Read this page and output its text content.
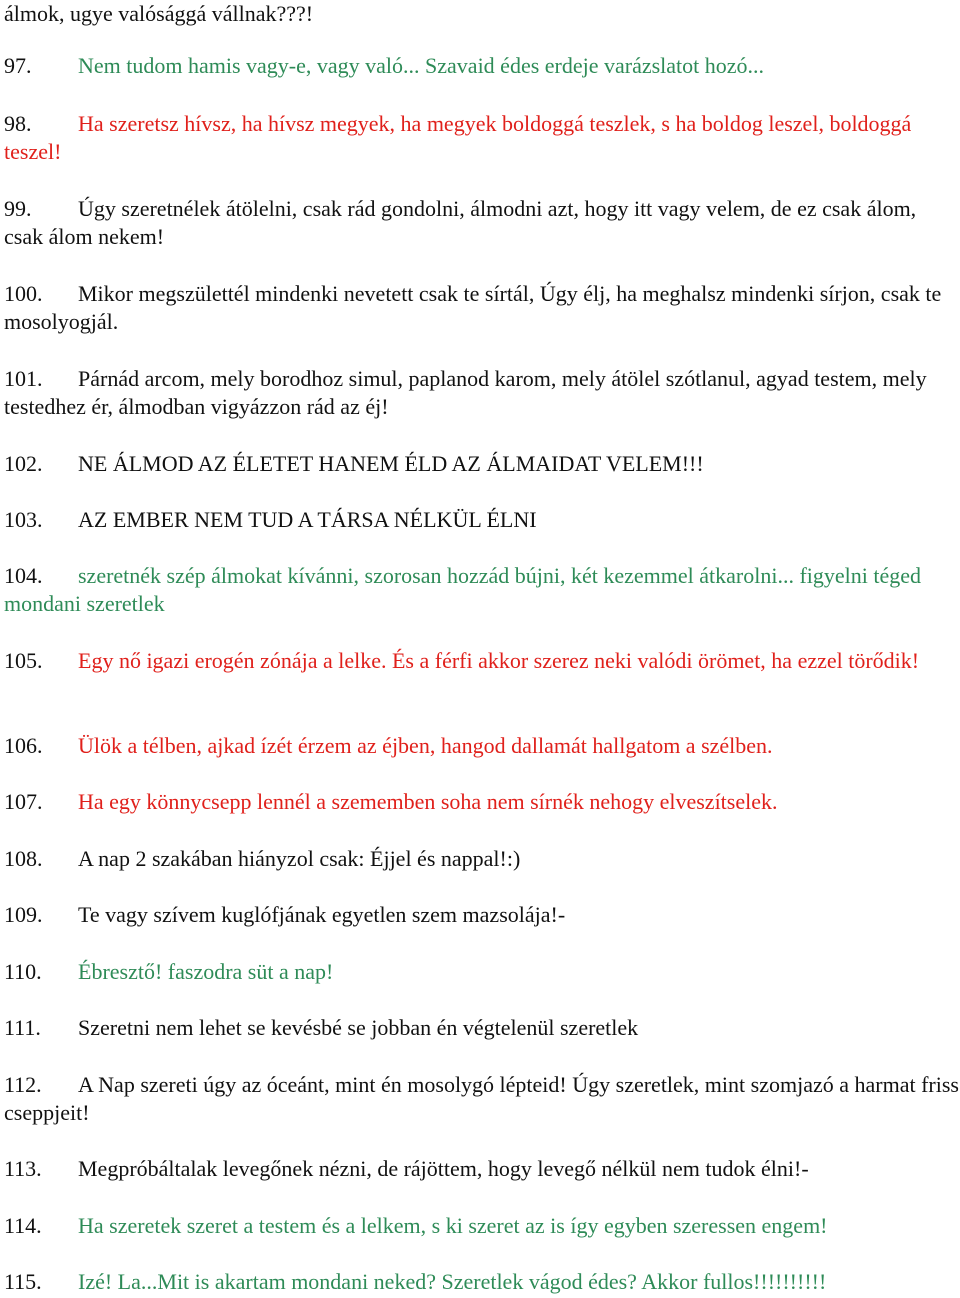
álmok, ugye valósággá vállnak???!
97. Nem tudom hamis vagy-e, vagy való... Szavaid édes erdeje varázslatot hozó...
98. Ha szeretsz hívsz, ha hívsz megyek, ha megyek boldoggá teszlek, s ha boldog leszel, boldoggá teszel!
99. Úgy szeretnélek átölelni, csak rád gondolni, álmodni azt, hogy itt vagy velem, de ez csak álom, csak álom nekem!
100. Mikor megszülettél mindenki nevetett csak te sírtál, Úgy élj, ha meghalsz mindenki sírjon, csak te mosolyogjál.
101. Párnád arcom, mely borodhoz simul, paplanod karom, mely átölel szótlanul, agyad testem, mely testedhez ér, álmodban vigyázzon rád az éj!
102. NE ÁLMOD AZ ÉLETET HANEM ÉLD AZ ÁLMAIDAT VELEM!!!
103. AZ EMBER NEM TUD A TÁRSA NÉLKÜL ÉLNI
104. szeretnék szép álmokat kívánni, szorosan hozzád bújni, két kezemmel átkarolni... figyelni téged mondani szeretlek
105. Egy nő igazi erogén zónája a lelke. És a férfi akkor szerez neki valódi örömet, ha ezzel törődik!
106. Ülök a télben, ajkad ízét érzem az éjben, hangod dallamát hallgatom a szélben.
107. Ha egy könnycsepp lennél a szememben soha nem sírnék nehogy elveszítselek.
108. A nap 2 szakában hiányzol csak: Éjjel és nappal!:)
109. Te vagy szívem kuglófjának egyetlen szem mazsolája!-
110. Ébresztő! faszodra süt a nap!
111. Szeretni nem lehet se kevésbé se jobban én végtelenül szeretlek
112. A Nap szereti úgy az óceánt, mint én mosolygó lépteid! Úgy szeretlek, mint szomjazó a harmat friss cseppjeit!
113. Megpróbáltalak levegőnek nézni, de rájöttem, hogy levegő nélkül nem tudok élni!-
114. Ha szeretek szeret a testem és a lelkem, s ki szeret az is így egyben szeressen engem!
115. Izé! La...Mit is akartam mondani neked? Szeretlek vágod édes? Akkor fullos!!!!!!!!!!
